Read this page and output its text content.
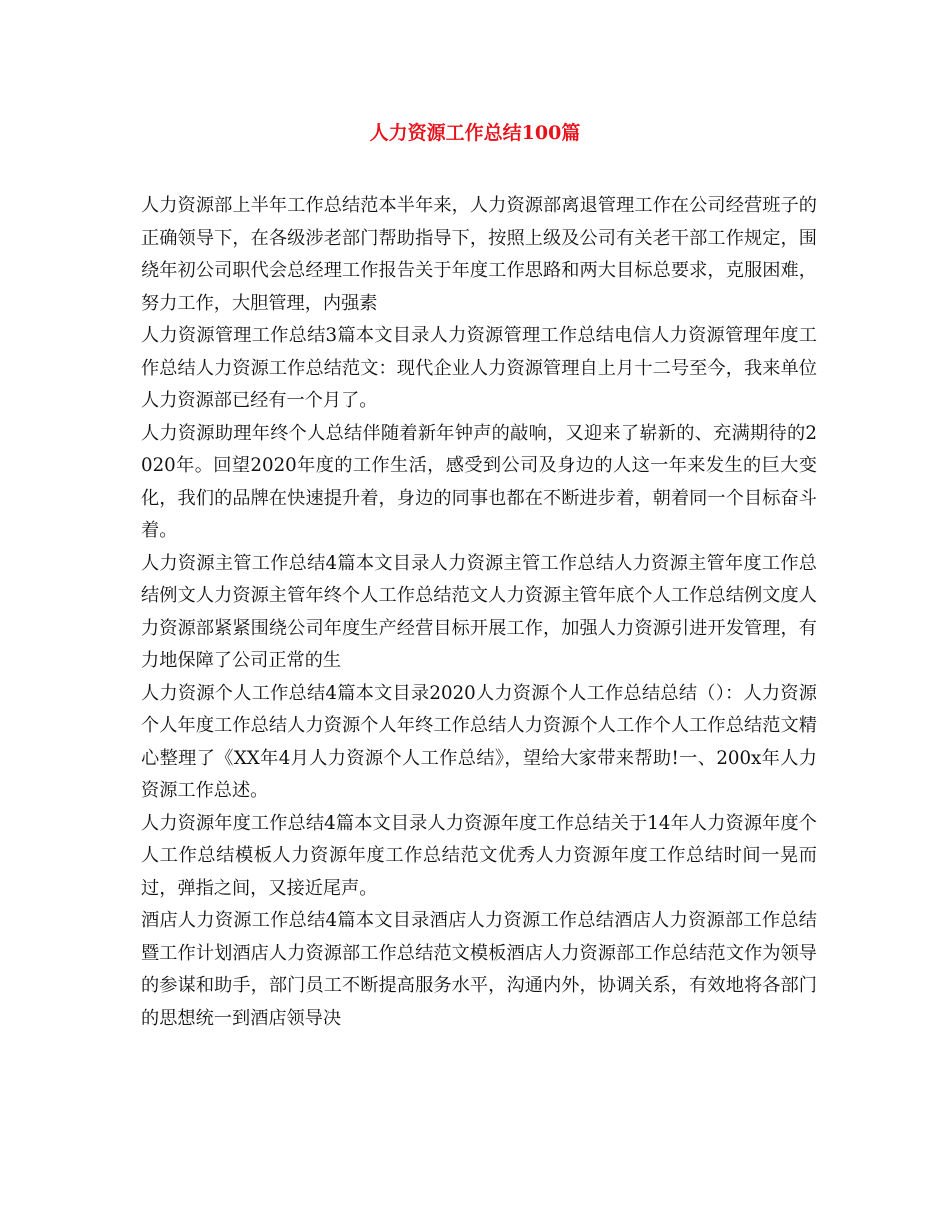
人力资源工作总结100篇

人力资源部上半年工作总结范本半年来，人力资源部离退管理工作在公司经营班子的正确领导下，在各级涉老部门帮助指导下，按照上级及公司有关老干部工作规定，围绕年初公司职代会总经理工作报告关于年度工作思路和两大目标总要求，克服困难，努力工作，大胆管理，内强素

人力资源管理工作总结3篇本文目录人力资源管理工作总结电信人力资源管理年度工作总结人力资源工作总结范文：现代企业人力资源管理自上月十二号至今，我来单位人力资源部已经有一个月了。

人力资源助理年终个人总结伴随着新年钟声的敲响，又迎来了崭新的、充满期待的2020年。回望2020年度的工作生活，感受到公司及身边的人这一年来发生的巨大变化，我们的品牌在快速提升着，身边的同事也都在不断进步着，朝着同一个目标奋斗着。

人力资源主管工作总结4篇本文目录人力资源主管工作总结人力资源主管年度工作总结例文人力资源主管年终个人工作总结范文人力资源主管年底个人工作总结例文度人力资源部紧紧围绕公司年度生产经营目标开展工作，加强人力资源引进开发管理，有力地保障了公司正常的生

人力资源个人工作总结4篇本文目录2020人力资源个人工作总结总结（）：人力资源个人年度工作总结人力资源个人年终工作总结人力资源个人工作个人工作总结范文精心整理了《XX年4月人力资源个人工作总结》，望给大家带来帮助!一、200x年人力资源工作总述。

人力资源年度工作总结4篇本文目录人力资源年度工作总结关于14年人力资源年度个人工作总结模板人力资源年度工作总结范文优秀人力资源年度工作总结时间一晃而过，弹指之间，又接近尾声。

酒店人力资源工作总结4篇本文目录酒店人力资源工作总结酒店人力资源部工作总结暨工作计划酒店人力资源部工作总结范文模板酒店人力资源部工作总结范文作为领导的参谋和助手，部门员工不断提高服务水平，沟通内外，协调关系，有效地将各部门的思想统一到酒店领导决
